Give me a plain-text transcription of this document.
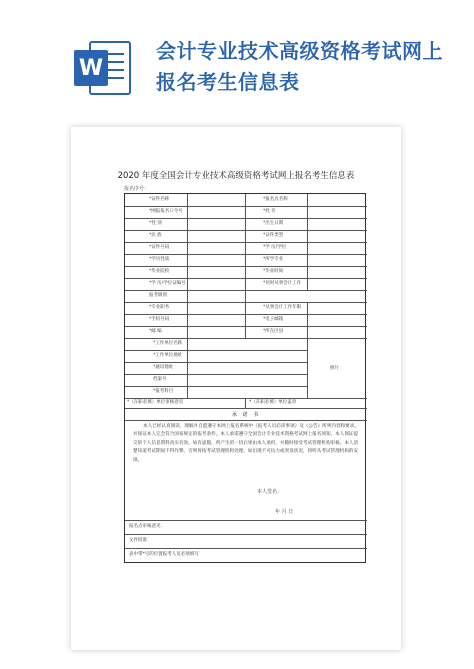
W
会计专业技术高级资格考试网上报名考生信息表
2020 年度全国会计专业技术高级资格考试网上报名考生信息表
报名序号：
*证件名称	*报名点名称
*网报报名口令号	*姓 名
*性 别	*出生日期
*民 族	*证件类型
*证件号码	*学 历/学位
*学历性质	*所学专业
*毕业院校	*毕业时间
*学 历/学位证编号	*何时从事会计工作
报考级别
*专业职务	*从事会计工作年限
*手机号码	*电子邮箱
*邮 编	*所在区县
*工作单位名称
*工作单位地址
*通讯地址
档案号
*报考科目
照片
*（在职必填）单位审核意见	*（在职必填）单位盖章
承 诺 书
本人已经认真阅读、理解并自愿遵守本网上报名系统中《报考人员必读事项》及《公告》所列内容和要求。并保证本人完全符合国家规定的报考条件。本人承诺遵守全国会计专业技术资格考试网上报名须知，本人保证提交的个人信息资料真实有效。如有虚假，所产生的一切后果由本人承担，并随时接受考试管理机构审核。本人清楚知道考试期间不得作弊，否则将按考试管理机构处理。如出现不可抗力或突发状况，将听从考试管理机构的安排。
本人签名：
年 月 日
报名点审核意见：
文件批准：
表中带*号的位置报考人员必须填写
